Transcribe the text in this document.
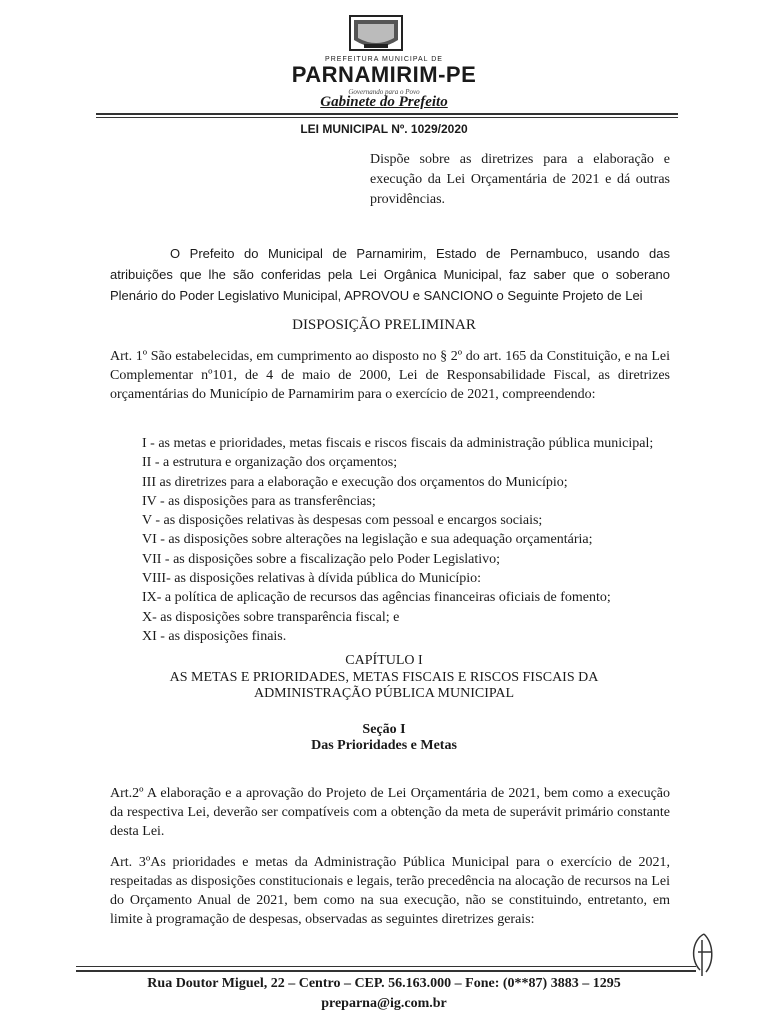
PREFEITURA MUNICIPAL DE
PARNAMIRIM-PE
Governando para o Povo
Gabinete do Prefeito
LEI MUNICIPAL Nº. 1029/2020
Dispõe sobre as diretrizes para a elaboração e execução da Lei Orçamentária de 2021 e dá outras providências.
O Prefeito do Municipal de Parnamirim, Estado de Pernambuco, usando das atribuições que lhe são conferidas pela Lei Orgânica Municipal, faz saber que o soberano Plenário do Poder Legislativo Municipal, APROVOU e SANCIONO o Seguinte Projeto de Lei
DISPOSIÇÃO PRELIMINAR
Art. 1º São estabelecidas, em cumprimento ao disposto no § 2º do art. 165 da Constituição, e na Lei Complementar nº101, de 4 de maio de 2000, Lei de Responsabilidade Fiscal, as diretrizes orçamentárias do Município de Parnamirim para o exercício de 2021, compreendendo:
I - as metas e prioridades, metas fiscais e riscos fiscais da administração pública municipal;
II - a estrutura e organização dos orçamentos;
III as diretrizes para a elaboração e execução dos orçamentos do Município;
IV - as disposições para as transferências;
V - as disposições relativas às despesas com pessoal e encargos sociais;
VI - as disposições sobre alterações na legislação e sua adequação orçamentária;
VII - as disposições sobre a fiscalização pelo Poder Legislativo;
VIII- as disposições relativas à dívida pública do Município:
IX- a política de aplicação de recursos das agências financeiras oficiais de fomento;
X- as disposições sobre transparência fiscal; e
XI - as disposições finais.
CAPÍTULO I
AS METAS E PRIORIDADES, METAS FISCAIS E RISCOS FISCAIS DA
ADMINISTRAÇÃO PÚBLICA MUNICIPAL
Seção I
Das Prioridades e Metas
Art.2º A elaboração e a aprovação do Projeto de Lei Orçamentária de 2021, bem como a execução da respectiva Lei, deverão ser compatíveis com a obtenção da meta de superávit primário constante desta Lei.
Art. 3ºAs prioridades e metas da Administração Pública Municipal para o exercício de 2021, respeitadas as disposições constitucionais e legais, terão precedência na alocação de recursos na Lei do Orçamento Anual de 2021, bem como na sua execução, não se constituindo, entretanto, em limite à programação de despesas, observadas as seguintes diretrizes gerais:
Rua Doutor Miguel, 22 – Centro – CEP. 56.163.000 – Fone: (0**87) 3883 – 1295
preparna@ig.com.br
